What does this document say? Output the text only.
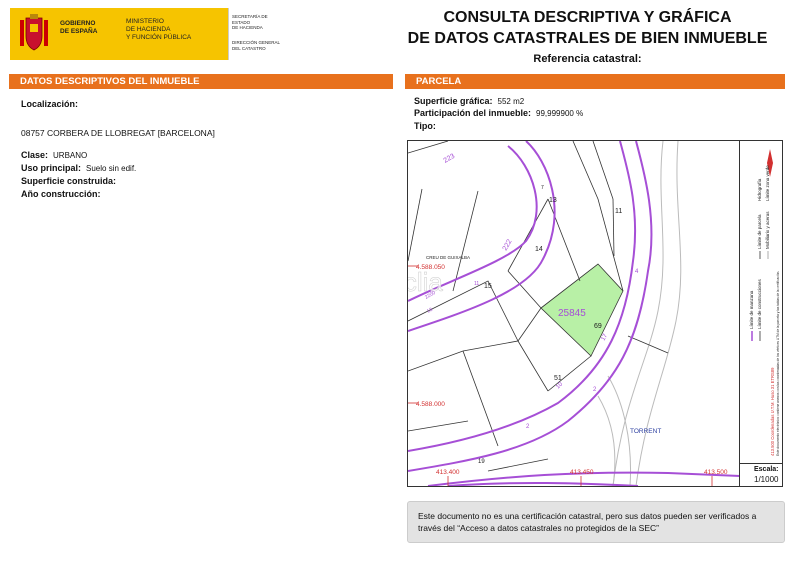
GOBIERNO
DE ESPAÑA
MINISTERIO
DE HACIENDA
Y FUNCIÓN PÚBLICA
SECRETARÍA DE ESTADO
DE HACIENDA
DIRECCIÓN GENERAL
DEL CATASTRO
CONSULTA DESCRIPTIVA Y GRÁFICA
DE DATOS CATASTRALES DE BIEN INMUEBLE
Referencia catastral:
DATOS DESCRIPTIVOS DEL INMUEBLE
Localización:
08757 CORBERA DE LLOBREGAT [BARCELONA]
Clase: URBANO
Uso principal: Suelo sin edif.
Superficie construida:
Año construcción:
PARCELA
Superficie gráfica: 552 m2
Participación del inmueble: 99,999900 %
Tipo:
4.588.050
4.588.000
413.400	413.450	413.500
CREU DE GUIXALBA
TORRENT
25845
clia
223
7
13
11
222	14
4
15
11
2200
13
69
17
51
10	2
2
19
Límite de manzana
Límite de parcela
Límite de construcciones
Mobiliario y aceras
Límite zona verde
Hidrografía
413.500 Coordenadas U.T.M. Huso 31 ETRS89 Este documento electrónico contiene anexos con las coordenadas de los vértices UTM de la parcela y las tablas de la certificación.
Escala:
1/1000
Este documento no es una certificación catastral, pero sus datos pueden ser verificados a través del “Acceso a datos catastrales no protegidos de la SEC”
